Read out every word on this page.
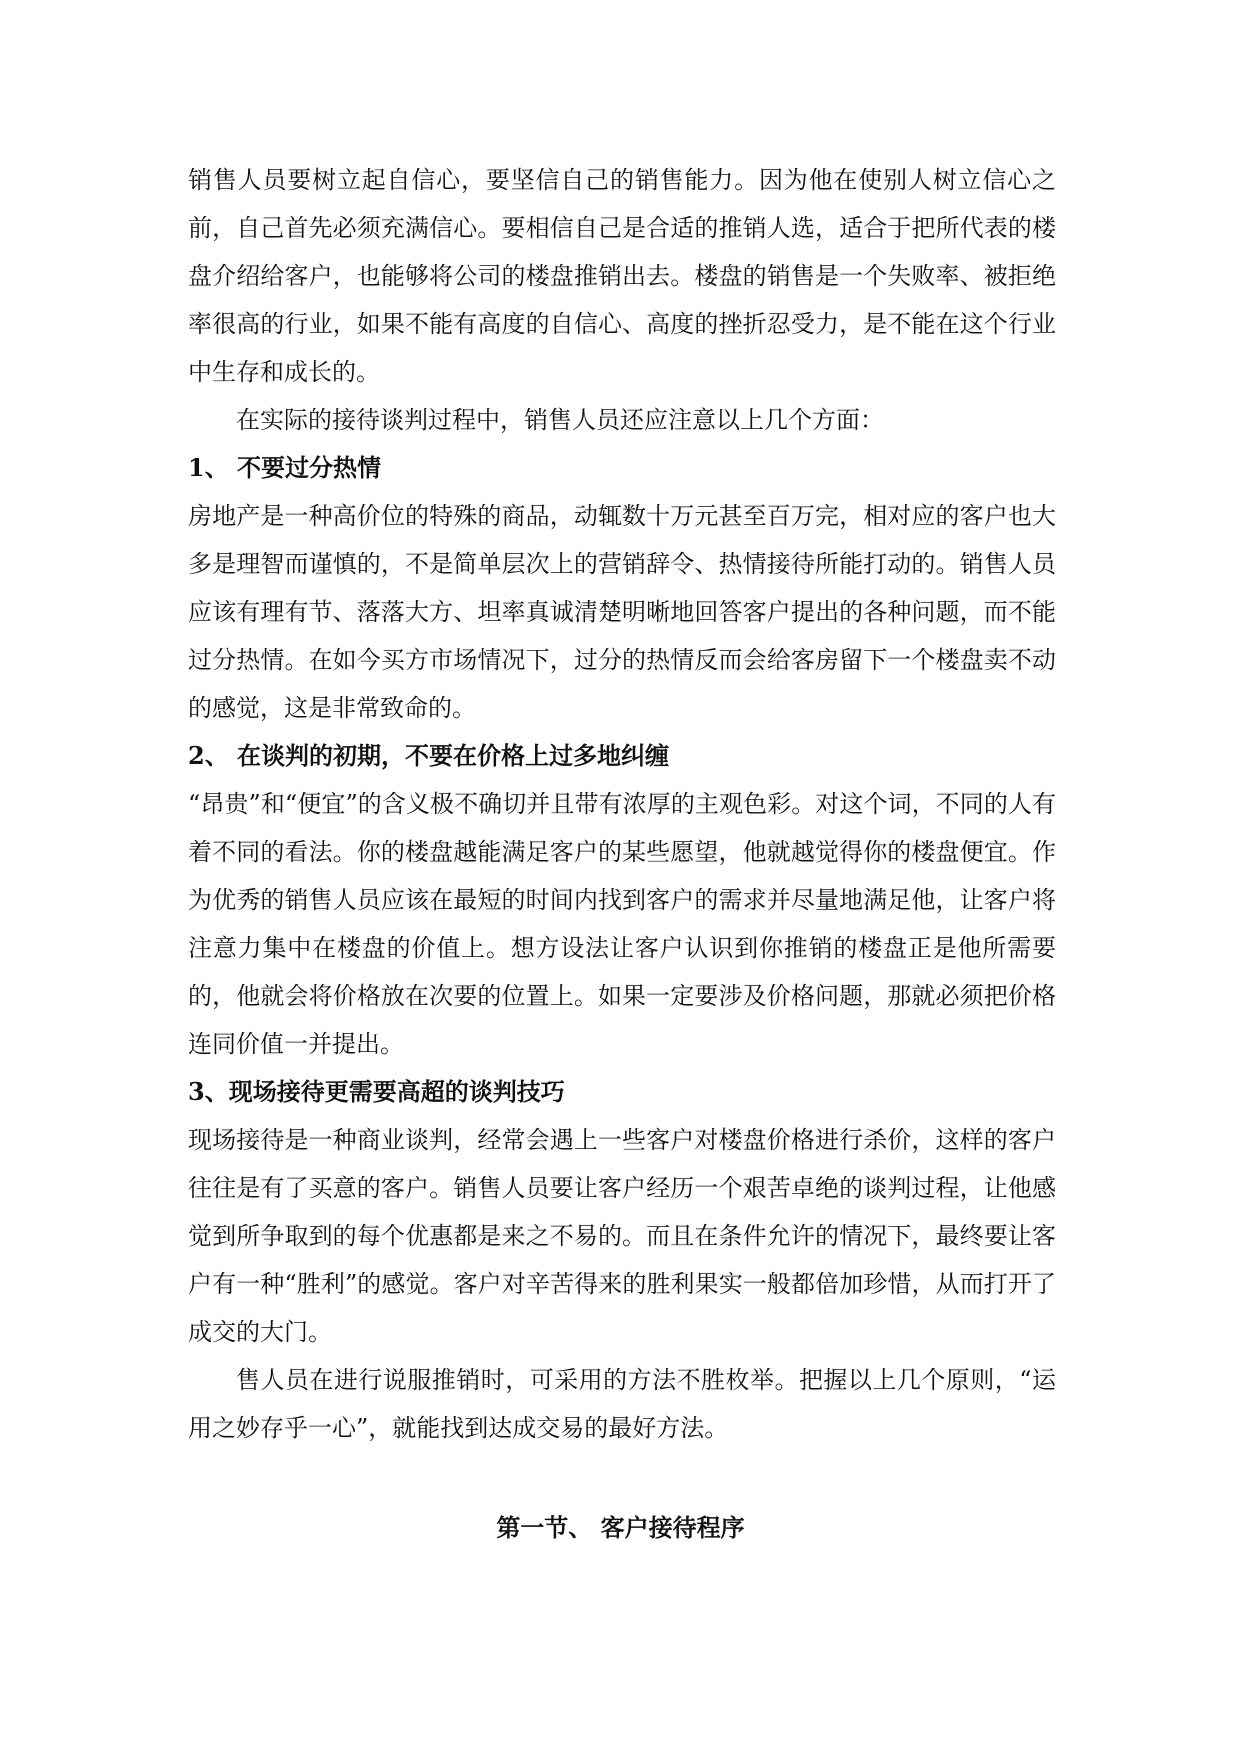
销售人员要树立起自信心，要坚信自己的销售能力。因为他在使别人树立信心之前，自己首先必须充满信心。要相信自己是合适的推销人选，适合于把所代表的楼盘介绍给客户，也能够将公司的楼盘推销出去。楼盘的销售是一个失败率、被拒绝率很高的行业，如果不能有高度的自信心、高度的挫折忍受力，是不能在这个行业中生存和成长的。

在实际的接待谈判过程中，销售人员还应注意以上几个方面：

1、 不要过分热情

房地产是一种高价位的特殊的商品，动辄数十万元甚至百万完，相对应的客户也大多是理智而谨慎的，不是简单层次上的营销辞令、热情接待所能打动的。销售人员应该有理有节、落落大方、坦率真诚清楚明晰地回答客户提出的各种问题，而不能过分热情。在如今买方市场情况下，过分的热情反而会给客房留下一个楼盘卖不动的感觉，这是非常致命的。

2、 在谈判的初期，不要在价格上过多地纠缠

“昂贵”和“便宜”的含义极不确切并且带有浓厚的主观色彩。对这个词，不同的人有着不同的看法。你的楼盘越能满足客户的某些愿望，他就越觉得你的楼盘便宜。作为优秀的销售人员应该在最短的时间内找到客户的需求并尽量地满足他，让客户将注意力集中在楼盘的价值上。想方设法让客户认识到你推销的楼盘正是他所需要的，他就会将价格放在次要的位置上。如果一定要涉及价格问题，那就必须把价格连同价值一并提出。

3、现场接待更需要高超的谈判技巧

现场接待是一种商业谈判，经常会遇上一些客户对楼盘价格进行杀价，这样的客户往往是有了买意的客户。销售人员要让客户经历一个艰苦卓绝的谈判过程，让他感觉到所争取到的每个优惠都是来之不易的。而且在条件允许的情况下，最终要让客户有一种“胜利”的感觉。客户对辛苦得来的胜利果实一般都倍加珍惜，从而打开了成交的大门。

售人员在进行说服推销时，可采用的方法不胜枚举。把握以上几个原则，“运用之妙存乎一心”，就能找到达成交易的最好方法。

第一节、 客户接待程序
